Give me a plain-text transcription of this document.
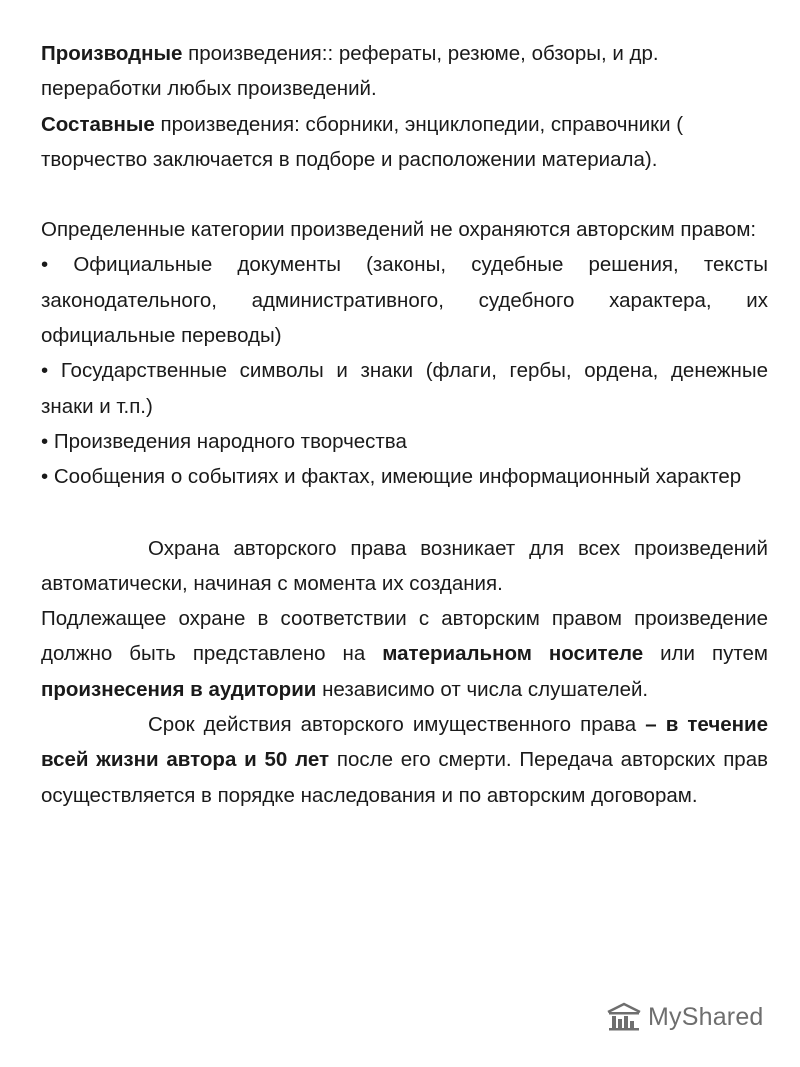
Производные произведения:: рефераты, резюме, обзоры, и др. переработки любых произведений.

Составные произведения: сборники, энциклопедии, справочники ( творчество заключается в подборе и расположении материала).

Определенные категории произведений не охраняются авторским правом:

• Официальные документы (законы, судебные решения, тексты законодательного, административного, судебного характера, их официальные переводы)

• Государственные символы и знаки (флаги, гербы, ордена, денежные знаки и т.п.)

• Произведения народного творчества

• Сообщения о событиях и фактах, имеющие информационный характер

Охрана авторского права возникает для всех произведений автоматически, начиная с момента их создания.

Подлежащее охране в соответствии с авторским правом произведение должно быть представлено на материальном носителе или путем произнесения в аудитории независимо от числа слушателей.

Срок действия авторского имущественного права – в течение всей жизни автора и 50 лет после его смерти. Передача авторских прав осуществляется в порядке наследования и по авторским договорам.

MyShared
